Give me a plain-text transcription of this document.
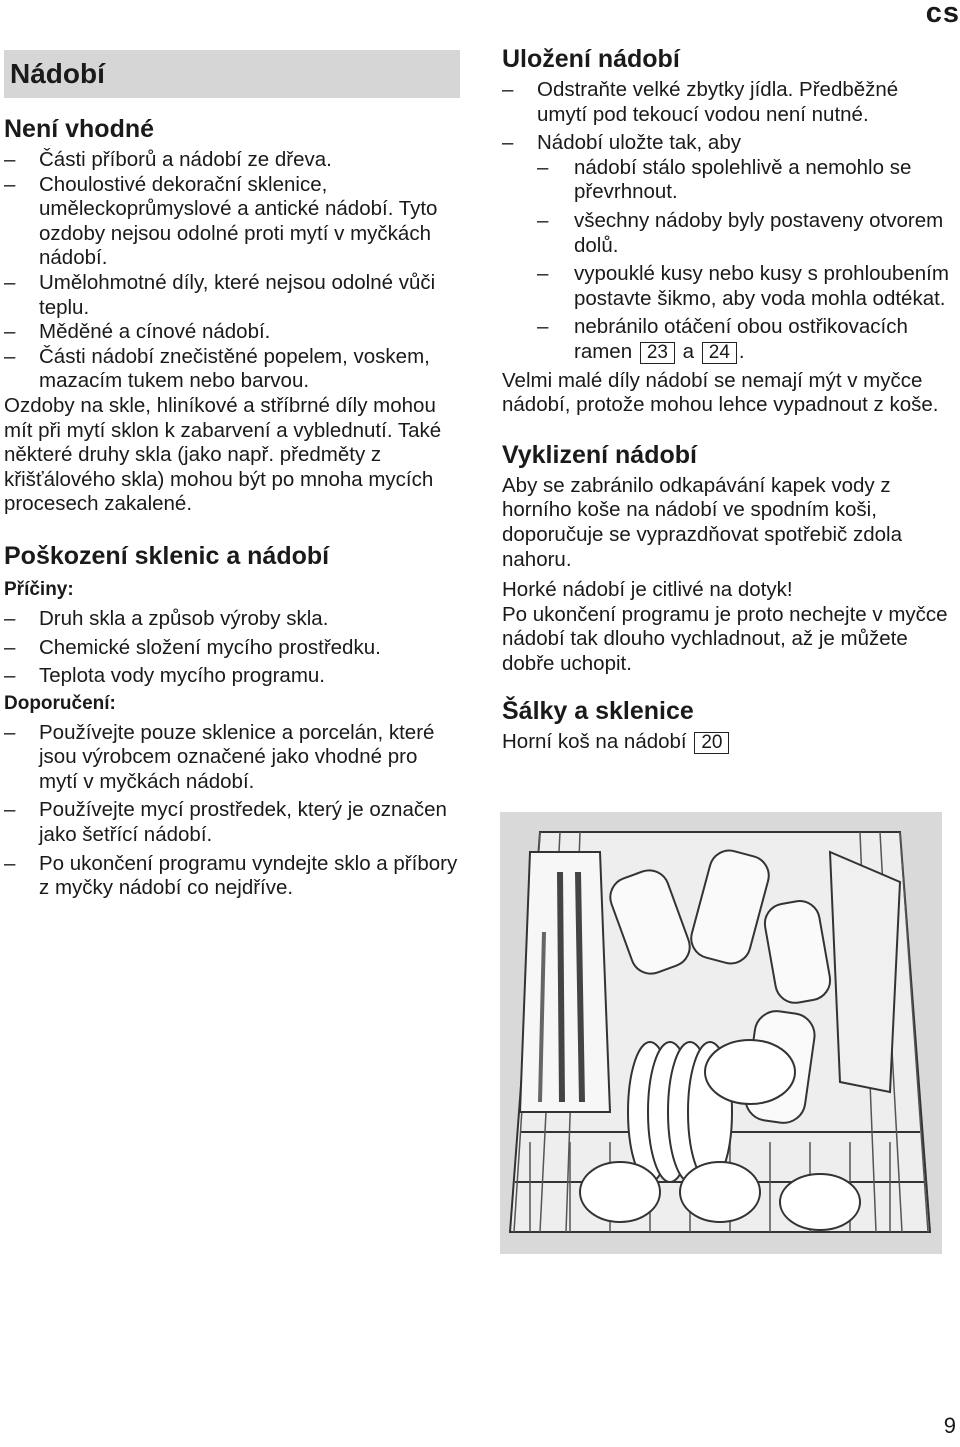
cs
Nádobí
Není vhodné
– Části příborů a nádobí ze dřeva.
– Choulostivé dekorační sklenice, uměleckoprůmyslové a antické nádobí. Tyto ozdoby nejsou odolné proti mytí v myčkách nádobí.
– Umělohmotné díly, které nejsou odolné vůči teplu.
– Měděné a cínové nádobí.
– Části nádobí znečistěné popelem, voskem, mazacím tukem nebo barvou.

Ozdoby na skle, hliníkové a stříbrné díly mohou mít při mytí sklon k zabarvení a vyblednutí. Také některé druhy skla (jako např. předměty z křišťálového skla) mohou být po mnoha mycích procesech zakalené.

Poškození sklenic a nádobí
Příčiny:
– Druh skla a způsob výroby skla.
– Chemické složení mycího prostředku.
– Teplota vody mycího programu.
Doporučení:
– Používejte pouze sklenice a porcelán, které jsou výrobcem označené jako vhodné pro mytí v myčkách nádobí.
– Používejte mycí prostředek, který je označen jako šetřící nádobí.
– Po ukončení programu vyndejte sklo a příbory z myčky nádobí co nejdříve.
Uložení nádobí
– Odstraňte velké zbytky jídla. Předběžné umytí pod tekoucí vodou není nutné.
– Nádobí uložte tak, aby
– nádobí stálo spolehlivě a nemohlo se převrhnout.
– všechny nádoby byly postaveny otvorem dolů.
– vypouklé kusy nebo kusy s prohloubením postavte šikmo, aby voda mohla odtékat.
– nebránilo otáčení obou ostřikovacích ramen 23 a 24 .

Velmi malé díly nádobí se nemají mýt v myčce nádobí, protože mohou lehce vypadnout z koše.

Vyklizení nádobí

Aby se zabránilo odkapávání kapek vody z horního koše na nádobí ve spodním koši, doporučuje se vyprazdňovat spotřebič zdola nahoru.

Horké nádobí je citlivé na dotyk!

Po ukončení programu je proto nechejte v myčce nádobí tak dlouho vychladnout, až je můžete dobře uchopit.

Šálky a sklenice

Horní koš na nádobí 20

9
